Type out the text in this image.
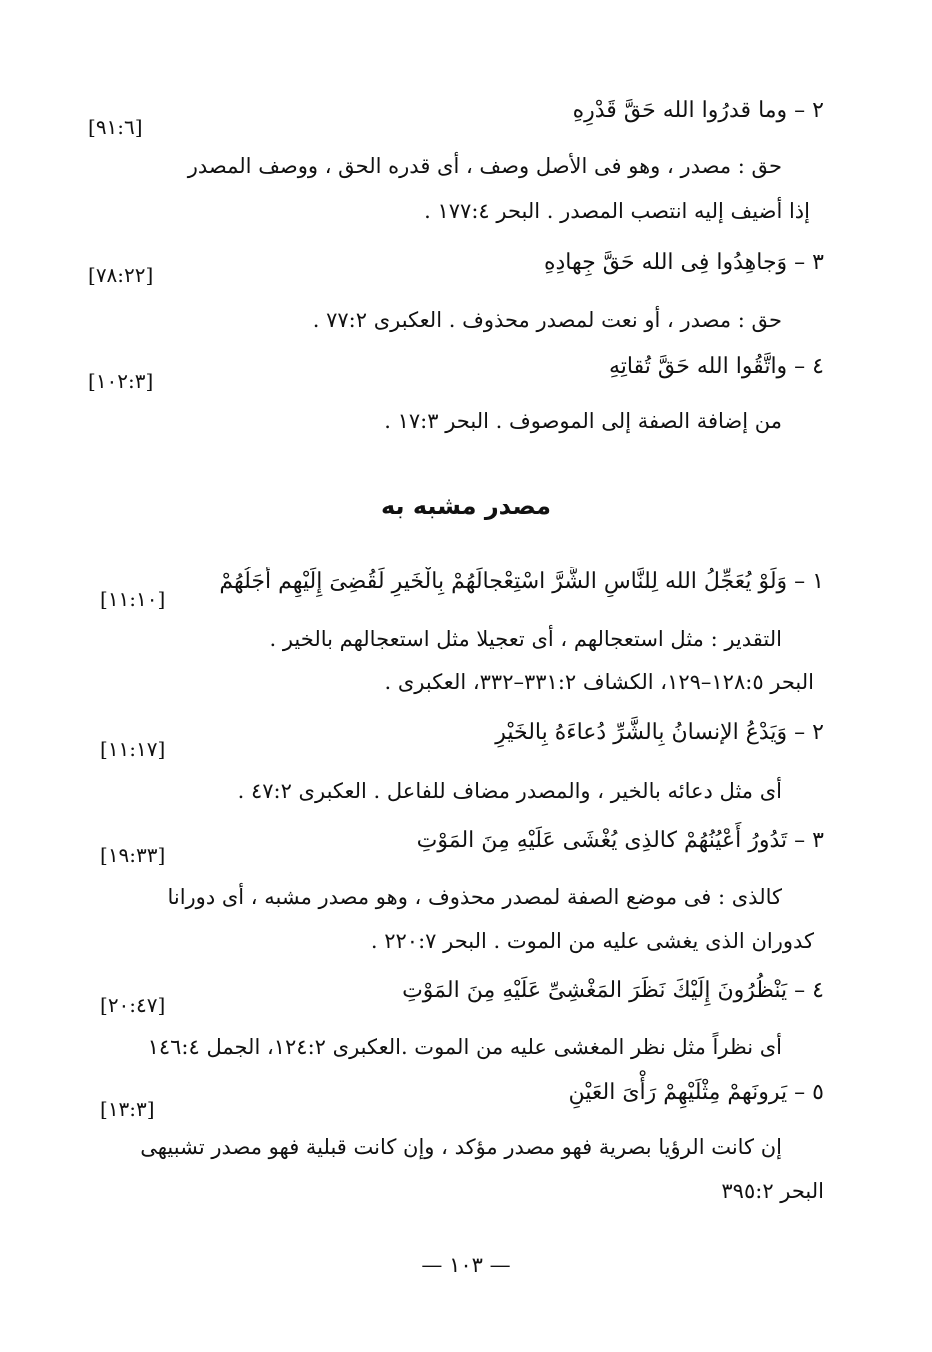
٢ – وما قدرُوا الله حَقَّ قَدْرِهِ
[٩١:٦]
حق : مصدر ، وهو فى الأصل وصف ، أى قدره الحق ، ووصف المصدر
إذا أضيف إليه انتصب المصدر . البحر ١٧٧:٤ .
٣ – وَجاهِدُوا فِى الله حَقَّ جِهادِهِ
[٧٨:٢٢]
حق : مصدر ، أو نعت لمصدر محذوف . العكبرى ٧٧:٢ .
٤ – واتَّقُوا الله حَقَّ تُقاتِهِ
[١٠٢:٣]
من إضافة الصفة إلى الموصوف . البحر ١٧:٣ .
مصدر مشبه به
١ – وَلَوْ يُعَجِّلُ الله لِلنَّاسِ الشَّرَّ اسْتِعْجالَهُمْ بِالْخَيرِ لَقُضِىَ إِلَيْهِم أَجَلُهُمْ
[١١:١٠]
التقدير : مثل استعجالهم ، أى تعجيلا مثل استعجالهم بالخير .
البحر ١٢٨:٥–١٢٩، الكشاف ٣٣١:٢–٣٣٢، العكبرى .
٢ – وَيَدْعُ الإنسانُ بِالشَّرِّ دُعاءَهُ بِالخَيْرِ
[١١:١٧]
أى مثل دعائه بالخير ، والمصدر مضاف للفاعل . العكبرى ٤٧:٢ .
٣ – تَدُورُ أَعْيُنُهُمْ كالذِى يُغْشَى عَلَيْهِ مِنَ المَوْتِ
[١٩:٣٣]
كالذى : فى موضع الصفة لمصدر محذوف ، وهو مصدر مشبه ، أى دورانا
كدوران الذى يغشى عليه من الموت . البحر ٢٢٠:٧ .
٤ – يَنْظُرُونَ إِلَيْكَ نَظَرَ المَغْشِىِّ عَلَيْهِ مِنَ المَوْتِ
[٢٠:٤٧]
أى نظراً مثل نظر المغشى عليه من الموت .العكبرى ١٢٤:٢، الجمل ١٤٦:٤
٥ – يَرونَهمْ مِثْلَيْهِمْ رَأْىَ العَيْنِ
[١٣:٣]
إن كانت الرؤيا بصرية فهو مصدر مؤكد ، وإن كانت قبلية فهو مصدر تشبيهى
البحر ٣٩٥:٢
— ١٠٣ —
